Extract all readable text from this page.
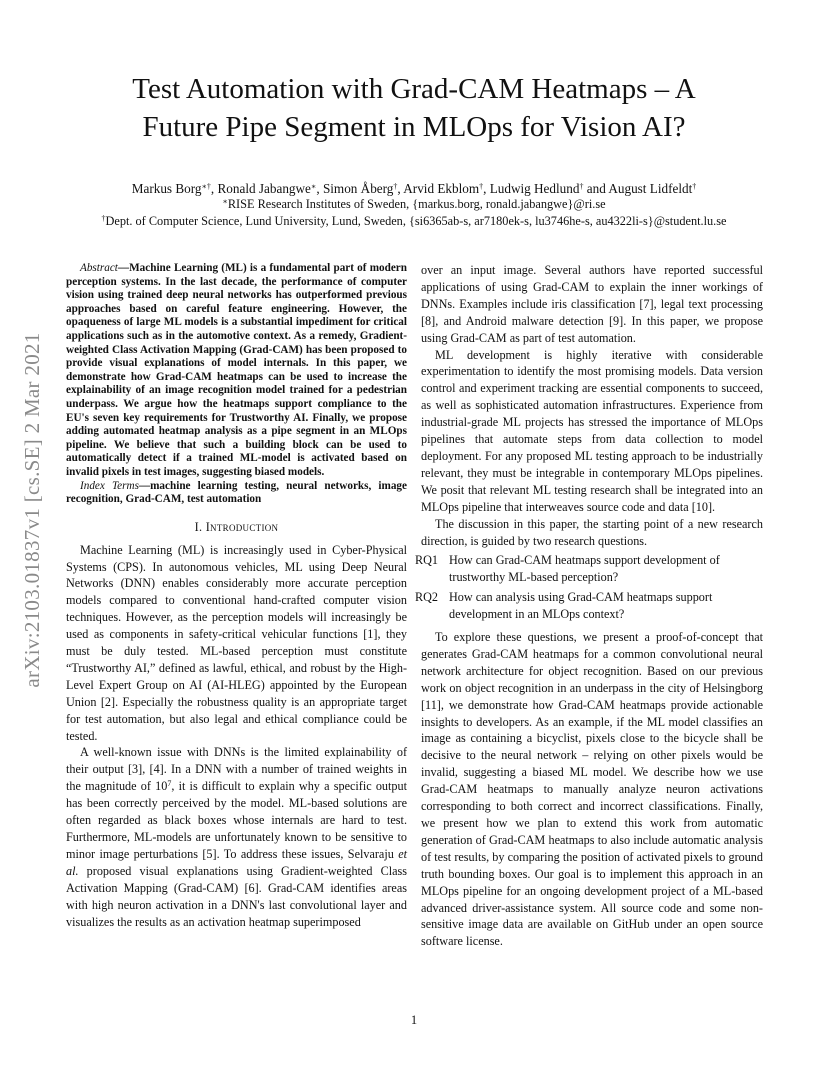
arXiv:2103.01837v1 [cs.SE] 2 Mar 2021
Test Automation with Grad-CAM Heatmaps – A
Future Pipe Segment in MLOps for Vision AI?
Markus Borg∗†, Ronald Jabangwe∗, Simon Åberg†, Arvid Ekblom†, Ludwig Hedlund† and August Lidfeldt†
∗RISE Research Institutes of Sweden, {markus.borg, ronald.jabangwe}@ri.se
†Dept. of Computer Science, Lund University, Lund, Sweden, {si6365ab-s, ar7180ek-s, lu3746he-s, au4322li-s}@student.lu.se

Abstract—Machine Learning (ML) is a fundamental part of modern perception systems. In the last decade, the performance of computer vision using trained deep neural networks has outperformed previous approaches based on careful feature engineering. However, the opaqueness of large ML models is a substantial impediment for critical applications such as in the automotive context. As a remedy, Gradient-weighted Class Activation Mapping (Grad-CAM) has been proposed to provide visual explanations of model internals. In this paper, we demonstrate how Grad-CAM heatmaps can be used to increase the explainability of an image recognition model trained for a pedestrian underpass. We argue how the heatmaps support compliance to the EU's seven key requirements for Trustworthy AI. Finally, we propose adding automated heatmap analysis as a pipe segment in an MLOps pipeline. We believe that such a building block can be used to automatically detect if a trained ML-model is activated based on invalid pixels in test images, suggesting biased models.

Index Terms—machine learning testing, neural networks, image recognition, Grad-CAM, test automation

I. Introduction

Machine Learning (ML) is increasingly used in Cyber-Physical Systems (CPS). In autonomous vehicles, ML using Deep Neural Networks (DNN) enables considerably more accurate perception models compared to conventional hand-crafted computer vision techniques. However, as the perception models will increasingly be used as components in safety-critical vehicular functions [1], they must be duly tested. ML-based perception must constitute “Trustworthy AI,” defined as lawful, ethical, and robust by the High-Level Expert Group on AI (AI-HLEG) appointed by the European Union [2]. Especially the robustness quality is an appropriate target for test automation, but also legal and ethical compliance could be tested.

A well-known issue with DNNs is the limited explainability of their output [3], [4]. In a DNN with a number of trained weights in the magnitude of $10^7$, it is difficult to explain why a specific output has been correctly perceived by the model. ML-based solutions are often regarded as black boxes whose internals are hard to test. Furthermore, ML-models are unfortunately known to be sensitive to minor image perturbations [5]. To address these issues, Selvaraju et al. proposed visual explanations using Gradient-weighted Class Activation Mapping (Grad-CAM) [6]. Grad-CAM identifies areas with high neuron activation in a DNN's last convolutional layer and visualizes the results as an activation heatmap superimposed

over an input image. Several authors have reported successful applications of using Grad-CAM to explain the inner workings of DNNs. Examples include iris classification [7], legal text processing [8], and Android malware detection [9]. In this paper, we propose using Grad-CAM as part of test automation.

ML development is highly iterative with considerable experimentation to identify the most promising models. Data version control and experiment tracking are essential components to succeed, as well as sophisticated automation infrastructures. Experience from industrial-grade ML projects has stressed the importance of MLOps pipelines that automate steps from data collection to model deployment. For any proposed ML testing approach to be industrially relevant, they must be integrable in contemporary MLOps pipelines. We posit that relevant ML testing research shall be integrated into an MLOps pipeline that interweaves source code and data [10].

The discussion in this paper, the starting point of a new research direction, is guided by two research questions.

RQ1 How can Grad-CAM heatmaps support development of trustworthy ML-based perception?
RQ2 How can analysis using Grad-CAM heatmaps support development in an MLOps context?

To explore these questions, we present a proof-of-concept that generates Grad-CAM heatmaps for a common convolutional neural network architecture for object recognition. Based on our previous work on object recognition in an underpass in the city of Helsingborg [11], we demonstrate how Grad-CAM heatmaps provide actionable insights to developers. As an example, if the ML model classifies an image as containing a bicyclist, pixels close to the bicycle shall be decisive to the neural network – relying on other pixels would be invalid, suggesting a biased ML model. We describe how we use Grad-CAM heatmaps to manually analyze neuron activations corresponding to both correct and incorrect classifications. Finally, we present how we plan to extend this work from automatic generation of Grad-CAM heatmaps to also include automatic analysis of test results, by comparing the position of activated pixels to ground truth bounding boxes. Our goal is to implement this approach in an MLOps pipeline for an ongoing development project of a ML-based advanced driver-assistance system. All source code and some non-sensitive image data are available on GitHub under an open source software license.

1
